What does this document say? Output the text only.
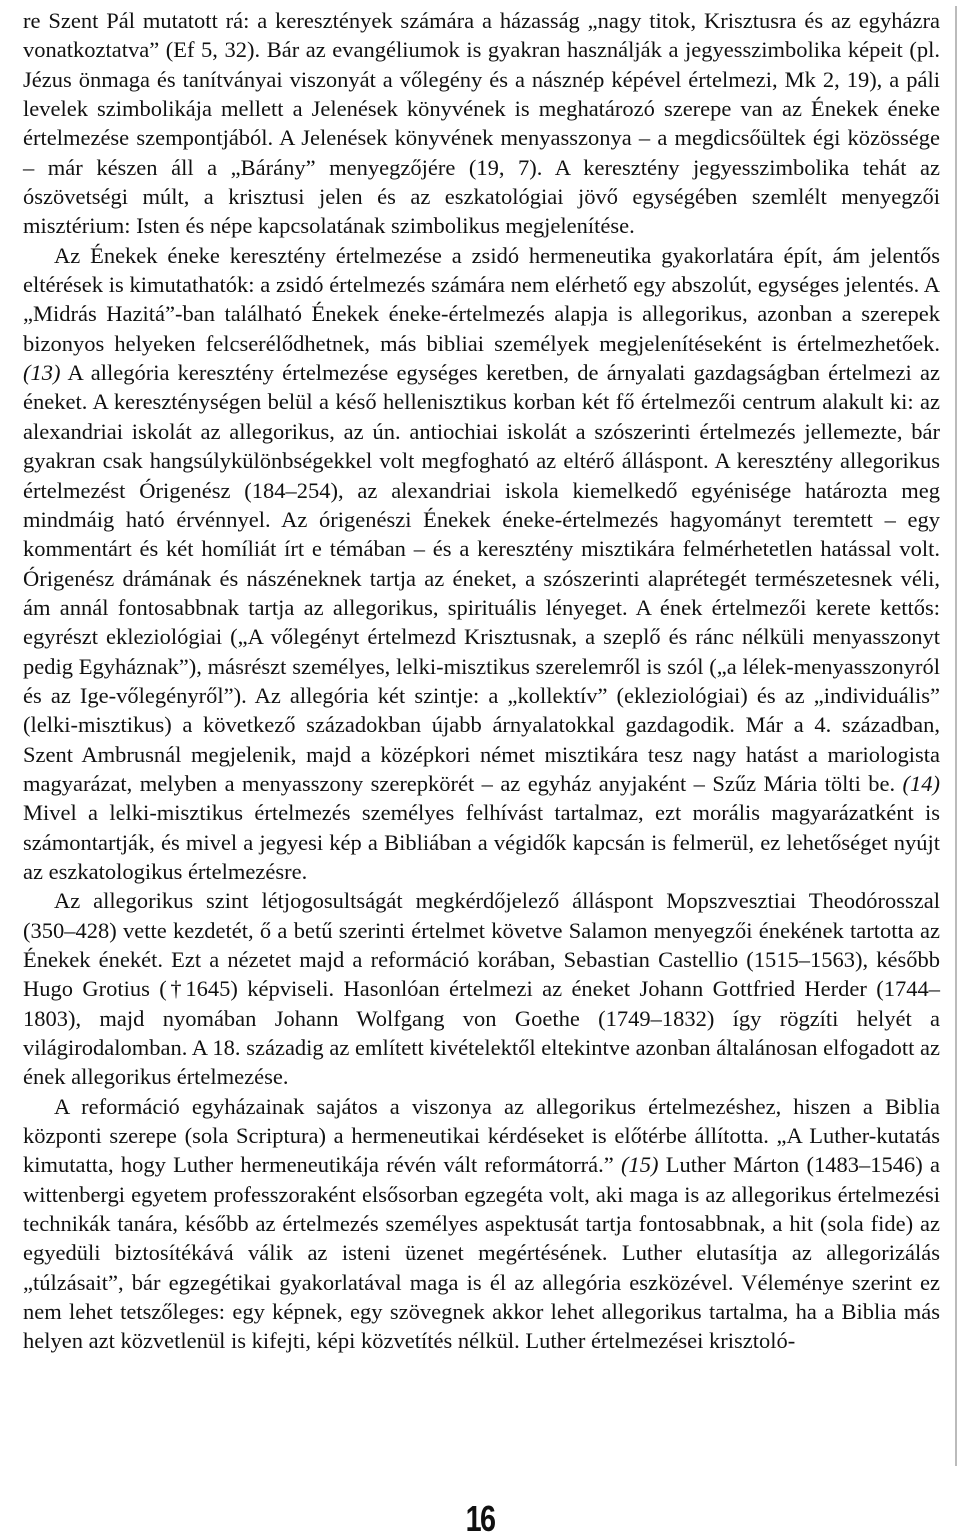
re Szent Pál mutatott rá: a keresztények számára a házasság „nagy titok, Krisztusra és az egyházra vonatkoztatva” (Ef 5, 32). Bár az evangéliumok is gyakran használják a jegyesszimbolika képeit (pl. Jézus önmaga és tanítványai viszonyát a vőlegény és a násznép képével értelmezi, Mk 2, 19), a páli levelek szimbolikája mellett a Jelenések könyvének is meghatározó szerepe van az Énekek éneke értelmezése szempontjából. A Jelenések könyvének menyasszonya – a megdicsőültek égi közössége – már készen áll a „Bárány” menyegzőjére (19, 7). A keresztény jegyesszimbolika tehát az ószövetségi múlt, a krisztusi jelen és az eszkatológiai jövő egységében szemlélt menyegzői misztérium: Isten és népe kapcsolatának szimbolikus megjelenítése.

Az Énekek éneke keresztény értelmezése a zsidó hermeneutika gyakorlatára épít, ám jelentős eltérések is kimutathatók: a zsidó értelmezés számára nem elérhető egy abszolút, egységes jelentés. A „Midrás Hazitá”-ban található Énekek éneke-értelmezés alapja is allegorikus, azonban a szerepek bizonyos helyeken felcserélődhetnek, más bibliai személyek megjelenítéseként is értelmezhetőek. (13) A allegória keresztény értelmezése egységes keretben, de árnyalati gazdagságban értelmezi az éneket. A kereszténységen belül a késő hellenisztikus korban két fő értelmezői centrum alakult ki: az alexandriai iskolát az allegorikus, az ún. antiochiai iskolát a szószerinti értelmezés jellemezte, bár gyakran csak hangsúlykülönbségekkel volt megfogható az eltérő álláspont. A keresztény allegorikus értelmezést Órigenész (184–254), az alexandriai iskola kiemelkedő egyénisége határozta meg mindmáig ható érvénnyel. Az órigenészi Énekek éneke-értelmezés hagyományt teremtett – egy kommentárt és két homíliát írt e témában – és a keresztény misztikára felmérhetetlen hatással volt. Órigenész drámának és nászéneknek tartja az éneket, a szószerinti alaprétegét természetesnek véli, ám annál fontosabbnak tartja az allegorikus, spirituális lényeget. A ének értelmezői kerete kettős: egyrészt ekleziológiai („A vőlegényt értelmezd Krisztusnak, a szeplő és ránc nélküli menyasszonyt pedig Egyháznak”), másrészt személyes, lelki-misztikus szerelemről is szól („a lélek-menyasszonyról és az Ige-vőlegényről”). Az allegória két szintje: a „kollektív” (ekleziológiai) és az „individuális” (lelki-misztikus) a következő századokban újabb árnyalatokkal gazdagodik. Már a 4. században, Szent Ambrusnál megjelenik, majd a középkori német misztikára tesz nagy hatást a mariologista magyarázat, melyben a menyasszony szerepkörét – az egyház anyjaként – Szűz Mária tölti be. (14) Mivel a lelki-misztikus értelmezés személyes felhívást tartalmaz, ezt morális magyarázatként is számontartják, és mivel a jegyesi kép a Bibliában a végidők kapcsán is felmerül, ez lehetőséget nyújt az eszkatologikus értelmezésre.

Az allegorikus szint létjogosultságát megkérdőjelező álláspont Mopszvesztiai Theodórosszal (350–428) vette kezdetét, ő a betű szerinti értelmet követve Salamon menyegzői énekének tartotta az Énekek énekét. Ezt a nézetet majd a reformáció korában, Sebastian Castellio (1515–1563), később Hugo Grotius (†1645) képviseli. Hasonlóan értelmezi az éneket Johann Gottfried Herder (1744–1803), majd nyomában Johann Wolfgang von Goethe (1749–1832) így rögzíti helyét a világirodalomban. A 18. századig az említett kivételektől eltekintve azonban általánosan elfogadott az ének allegorikus értelmezése.

A reformáció egyházainak sajátos a viszonya az allegorikus értelmezéshez, hiszen a Biblia központi szerepe (sola Scriptura) a hermeneutikai kérdéseket is előtérbe állította. „A Luther-kutatás kimutatta, hogy Luther hermeneutikája révén vált reformátorrá.” (15) Luther Márton (1483–1546) a wittenbergi egyetem professzoraként elsősorban egzegéta volt, aki maga is az allegorikus értelmezési technikák tanára, később az értelmezés személyes aspektusát tartja fontosabbnak, a hit (sola fide) az egyedüli biztosítékává válik az isteni üzenet megértésének. Luther elutasítja az allegorizálás „túlzásait”, bár egzegétikai gyakorlatával maga is él az allegória eszközével. Véleménye szerint ez nem lehet tetszőleges: egy képnek, egy szövegnek akkor lehet allegorikus tartalma, ha a Biblia más helyen azt közvetlenül is kifejti, képi közvetítés nélkül. Luther értelmezései krisztoló-

16
